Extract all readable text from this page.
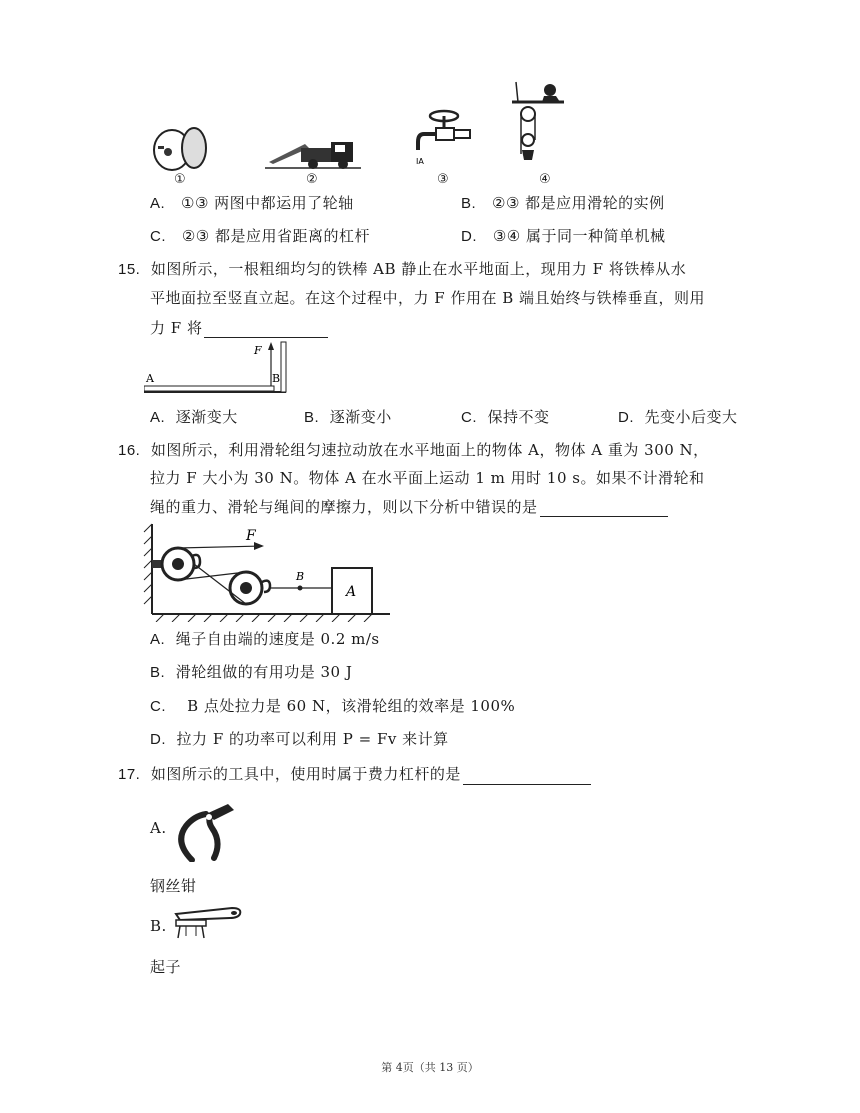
IA
①	②	③	④
A. ①③ 两图中都运用了轮轴	B. ②③ 都是应用滑轮的实例
C. ②③ 都是应用省距离的杠杆	D. ③④ 属于同一种简单机械
15. 如图所示，一根粗细均匀的铁棒 AB 静止在水平地面上，现用力 F 将铁棒从水
平地面拉至竖直立起。在这个过程中，力 F 作用在 B 端且始终与铁棒垂直，则用
力 F 将
A	B
F
A. 逐渐变大	B. 逐渐变小	C. 保持不变	D. 先变小后变大
16. 如图所示，利用滑轮组匀速拉动放在水平地面上的物体 A，物体 A 重为 300 N，
拉力 F 大小为 30 N。物体 A 在水平面上运动 1 m 用时 10 s。如果不计滑轮和
绳的重力、滑轮与绳间的摩擦力，则以下分析中错误的是
F
B
A
A. 绳子自由端的速度是 0.2 m/s
B. 滑轮组做的有用功是 30 J
C. B 点处拉力是 60 N，该滑轮组的效率是 100%
D. 拉力 F 的功率可以利用 P = Fv 来计算
17. 如图所示的工具中，使用时属于费力杠杆的是
A.
钢丝钳
B.
起子
第 4页（共 13 页）
